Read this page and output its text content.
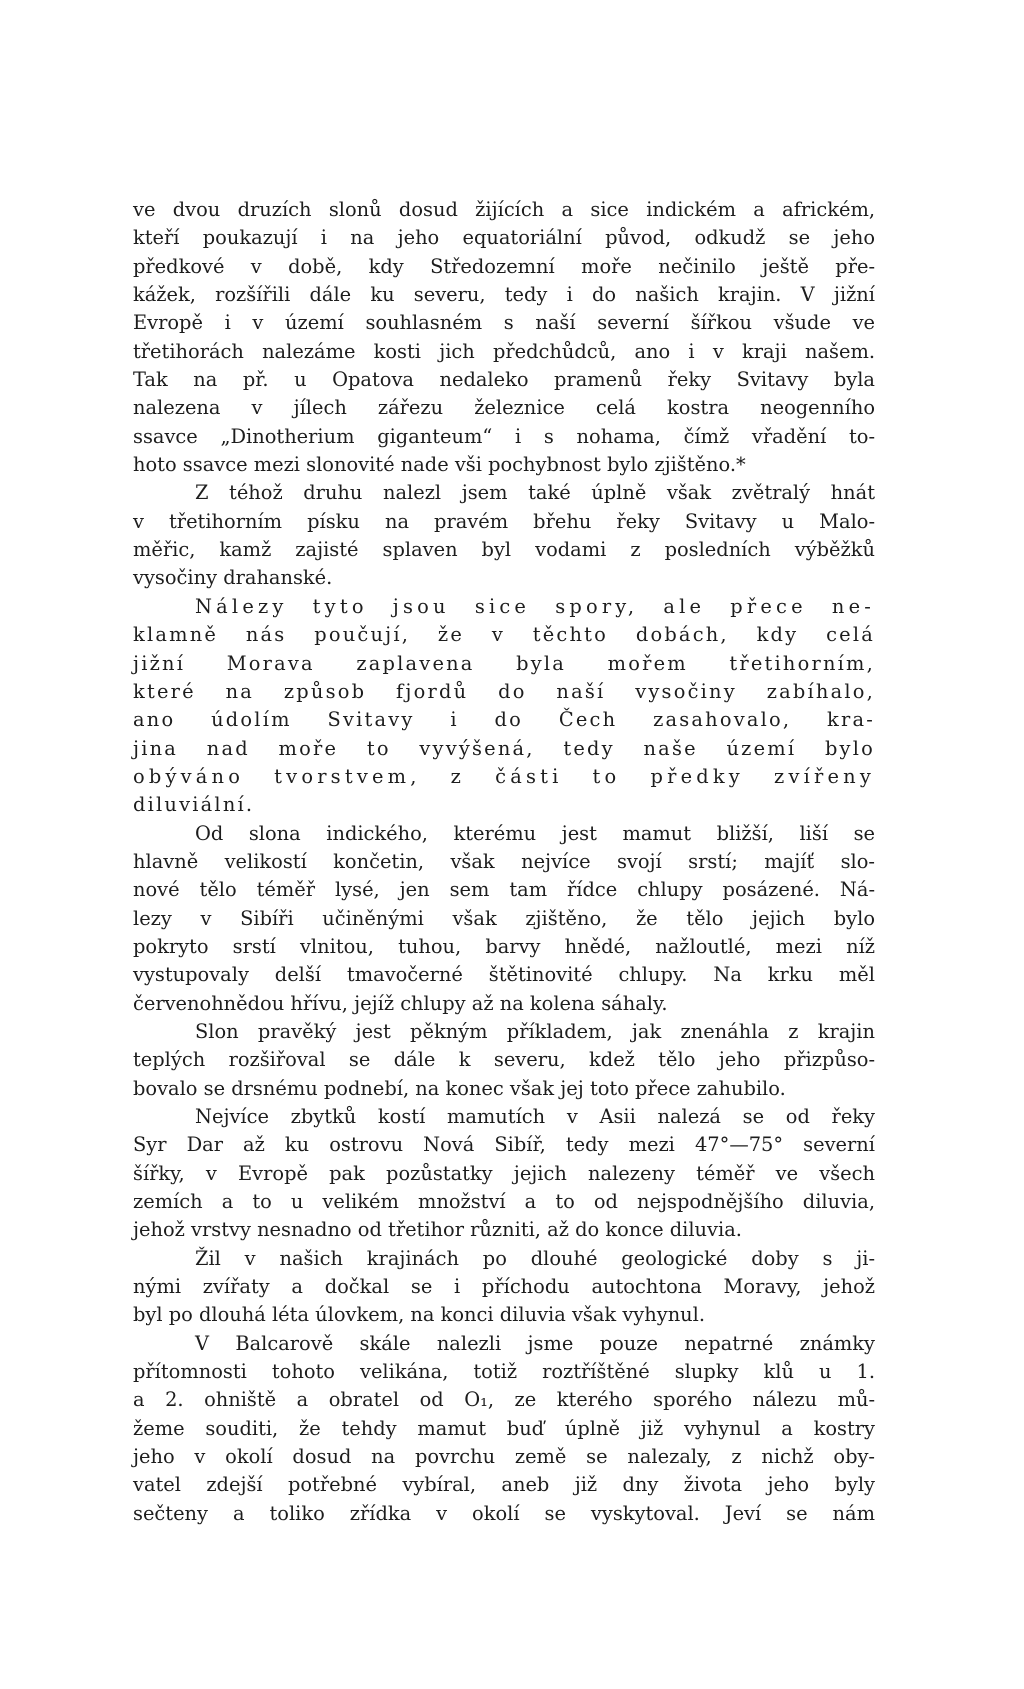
ve dvou druzích slonů dosud žijících a sice indickém a africkém,
kteří poukazují i na jeho equatoriální původ, odkudž se jeho
předkové v době, kdy Středozemní moře nečinilo ještě pře-
kážek, rozšířili dále ku severu, tedy i do našich krajin. V jižní
Evropě i v území souhlasném s naší severní šířkou všude ve
třetihorách nalezáme kosti jich předchůdců, ano i v kraji našem.
Tak na př. u Opatova nedaleko pramenů řeky Svitavy byla
nalezena v jílech zářezu železnice celá kostra neogenního
ssavce „Dinotherium giganteum“ i s nohama, čímž vřadění to-
hoto ssavce mezi slonovité nade vši pochybnost bylo zjištěno.*

Z téhož druhu nalezl jsem také úplně však zvětralý hnát
v třetihorním písku na pravém břehu řeky Svitavy u Malo-
měřic, kamž zajisté splaven byl vodami z posledních výběžků
vysočiny drahanské.

Nálezy tyto jsou sice spory, ale přece ne-
klamně nás poučují, že v těchto dobách, kdy celá
jižní Morava zaplavena byla mořem třetihorním,
které na způsob fjordů do naší vysočiny zabíhalo,
ano údolím Svitavy i do Čech zasahovalo, kra-
jina nad moře to vyvýšená, tedy naše území bylo
obýváno tvorstvem, z části to předky zvířeny
diluviální.

Od slona indického, kterému jest mamut bližší, liší se
hlavně velikostí končetin, však nejvíce svojí srstí; majíť slo-
nové tělo téměř lysé, jen sem tam řídce chlupy posázené. Ná-
lezy v Sibíři učiněnými však zjištěno, že tělo jejich bylo
pokryto srstí vlnitou, tuhou, barvy hnědé, nažloutlé, mezi níž
vystupovaly delší tmavočerné štětinovité chlupy. Na krku měl
červenohnědou hřívu, jejíž chlupy až na kolena sáhaly.

Slon pravěký jest pěkným příkladem, jak znenáhla z krajin
teplých rozšiřoval se dále k severu, kdež tělo jeho přizpůso-
bovalo se drsnému podnebí, na konec však jej toto přece zahubilo.

Nejvíce zbytků kostí mamutích v Asii nalezá se od řeky
Syr Dar až ku ostrovu Nová Sibíř, tedy mezi 47°—75° severní
šířky, v Evropě pak pozůstatky jejich nalezeny téměř ve všech
zemích a to u velikém množství a to od nejspodnějšího diluvia,
jehož vrstvy nesnadno od třetihor různiti, až do konce diluvia.

Žil v našich krajinách po dlouhé geologické doby s ji-
nými zvířaty a dočkal se i příchodu autochtona Moravy, jehož
byl po dlouhá léta úlovkem, na konci diluvia však vyhynul.

V Balcarově skále nalezli jsme pouze nepatrné známky
přítomnosti tohoto velikána, totiž roztříštěné slupky klů u 1.
a 2. ohniště a obratel od O₁, ze kterého sporého nálezu mů-
žeme souditi, že tehdy mamut buď úplně již vyhynul a kostry
jeho v okolí dosud na povrchu země se nalezaly, z nichž oby-
vatel zdejší potřebné vybíral, aneb již dny života jeho byly
sečteny a toliko zřídka v okolí se vyskytoval. Jeví se nám
